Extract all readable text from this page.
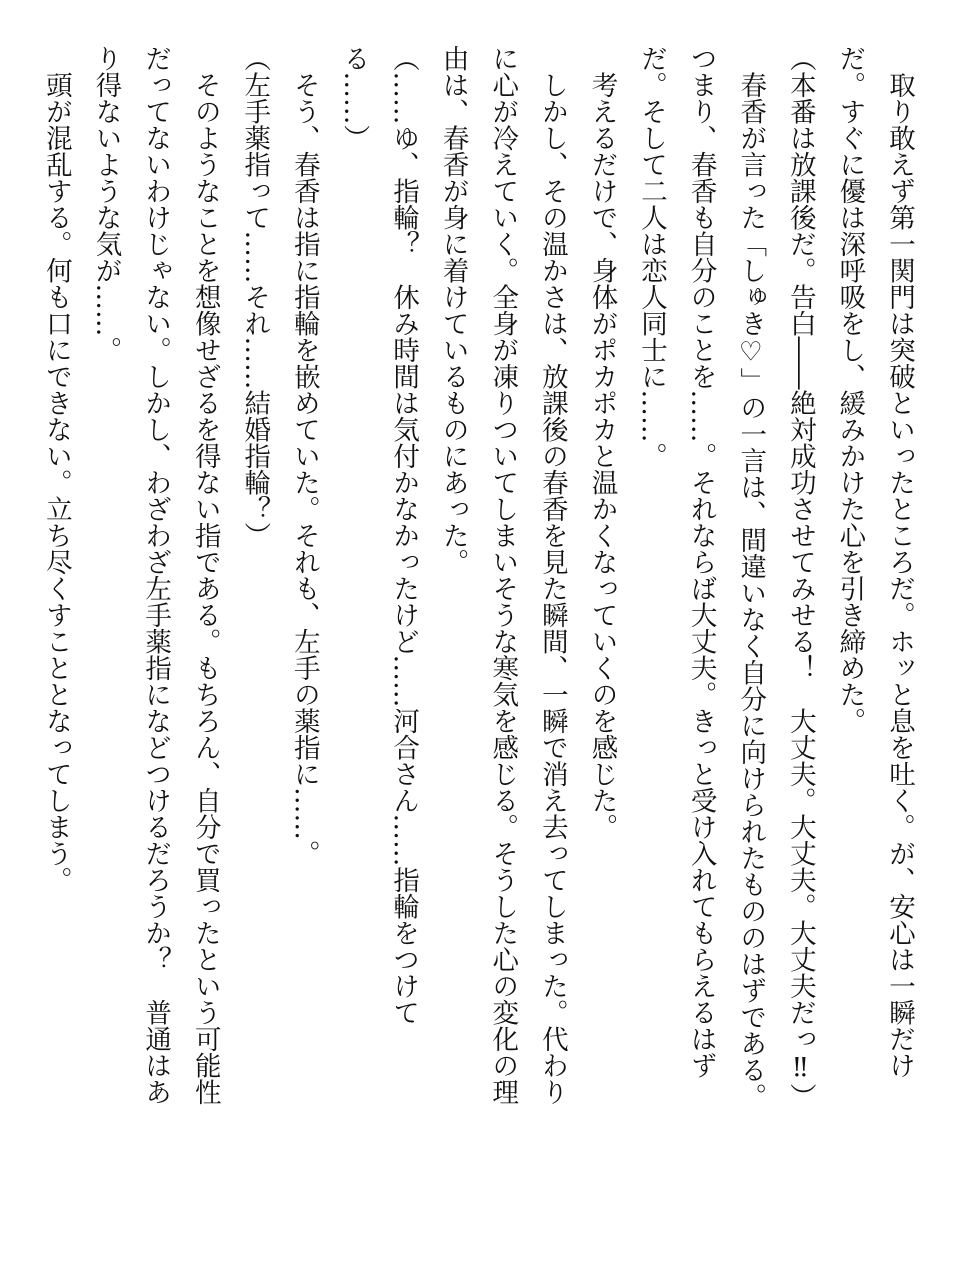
　取り敢えず第一関門は突破といったところだ。ホッと息を吐く。が、安心は一瞬だけ
だ。すぐに優は深呼吸をし、緩みかけた心を引き締めた。
（本番は放課後だ。告白――絶対成功させてみせる！　大丈夫。大丈夫。大丈夫だっ‼）
　春香が言った「しゅき♡」の一言は、間違いなく自分に向けられたもののはずである。
つまり、春香も自分のことを……。それならば大丈夫。きっと受け入れてもらえるはず
だ。そして二人は恋人同士に……。
　考えるだけで、身体がポカポカと温かくなっていくのを感じた。
　しかし、その温かさは、放課後の春香を見た瞬間、一瞬で消え去ってしまった。代わり
に心が冷えていく。全身が凍りついてしまいそうな寒気を感じる。そうした心の変化の理
由は、春香が身に着けているものにあった。
（……ゆ、指輪？　休み時間は気付かなかったけど……河合さん……指輪をつけて
る……）
　そう、春香は指に指輪を嵌めていた。それも、左手の薬指に……。
（左手薬指って……それ……結婚指輪？）
　そのようなことを想像せざるを得ない指である。もちろん、自分で買ったという可能性
だってないわけじゃない。しかし、わざわざ左手薬指になどつけるだろうか？　普通はあ
り得ないような気が……。
　頭が混乱する。何も口にできない。立ち尽くすこととなってしまう。
